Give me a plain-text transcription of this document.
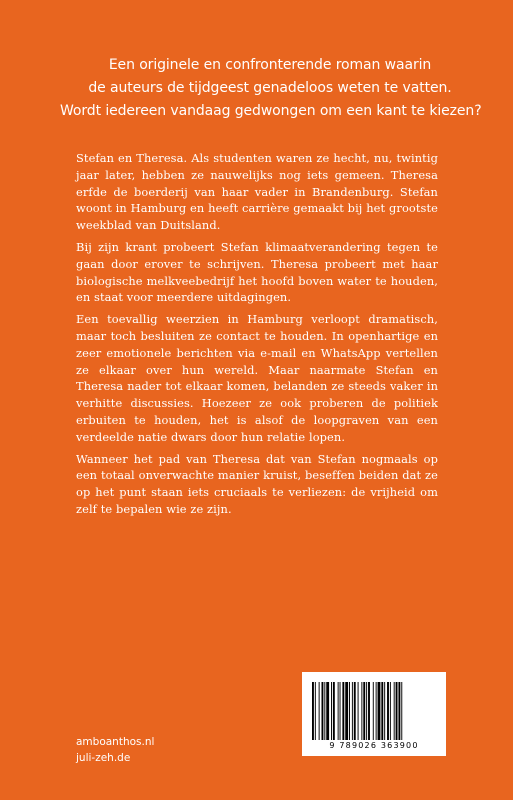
Een originele en confronterende roman waarin
de auteurs de tijdgeest genadeloos weten te vatten.
Wordt iedereen vandaag gedwongen om een kant te kiezen?

Stefan en Theresa. Als studenten waren ze hecht, nu, twintig jaar later, hebben ze nauwelijks nog iets gemeen. Theresa erfde de boerderij van haar vader in Brandenburg. Stefan woont in Hamburg en heeft carrière gemaakt bij het grootste weekblad van Duitsland.

Bij zijn krant probeert Stefan klimaatverandering tegen te gaan door erover te schrijven. Theresa probeert met haar biologische melkveebedrijf het hoofd boven water te houden, en staat voor meerdere uitdagingen.

Een toevallig weerzien in Hamburg verloopt dramatisch, maar toch besluiten ze contact te houden. In openhartige en zeer emotionele berichten via e-mail en WhatsApp vertellen ze elkaar over hun wereld. Maar naarmate Stefan en Theresa nader tot elkaar komen, belanden ze steeds vaker in verhitte discussies. Hoezeer ze ook proberen de politiek erbuiten te houden, het is alsof de loopgraven van een verdeelde natie dwars door hun relatie lopen.

Wanneer het pad van Theresa dat van Stefan nogmaals op een totaal onverwachte manier kruist, beseffen beiden dat ze op het punt staan iets cruciaals te verliezen: de vrijheid om zelf te bepalen wie ze zijn.

9 789026 363900
amboanthos.nl
juli-zeh.de
